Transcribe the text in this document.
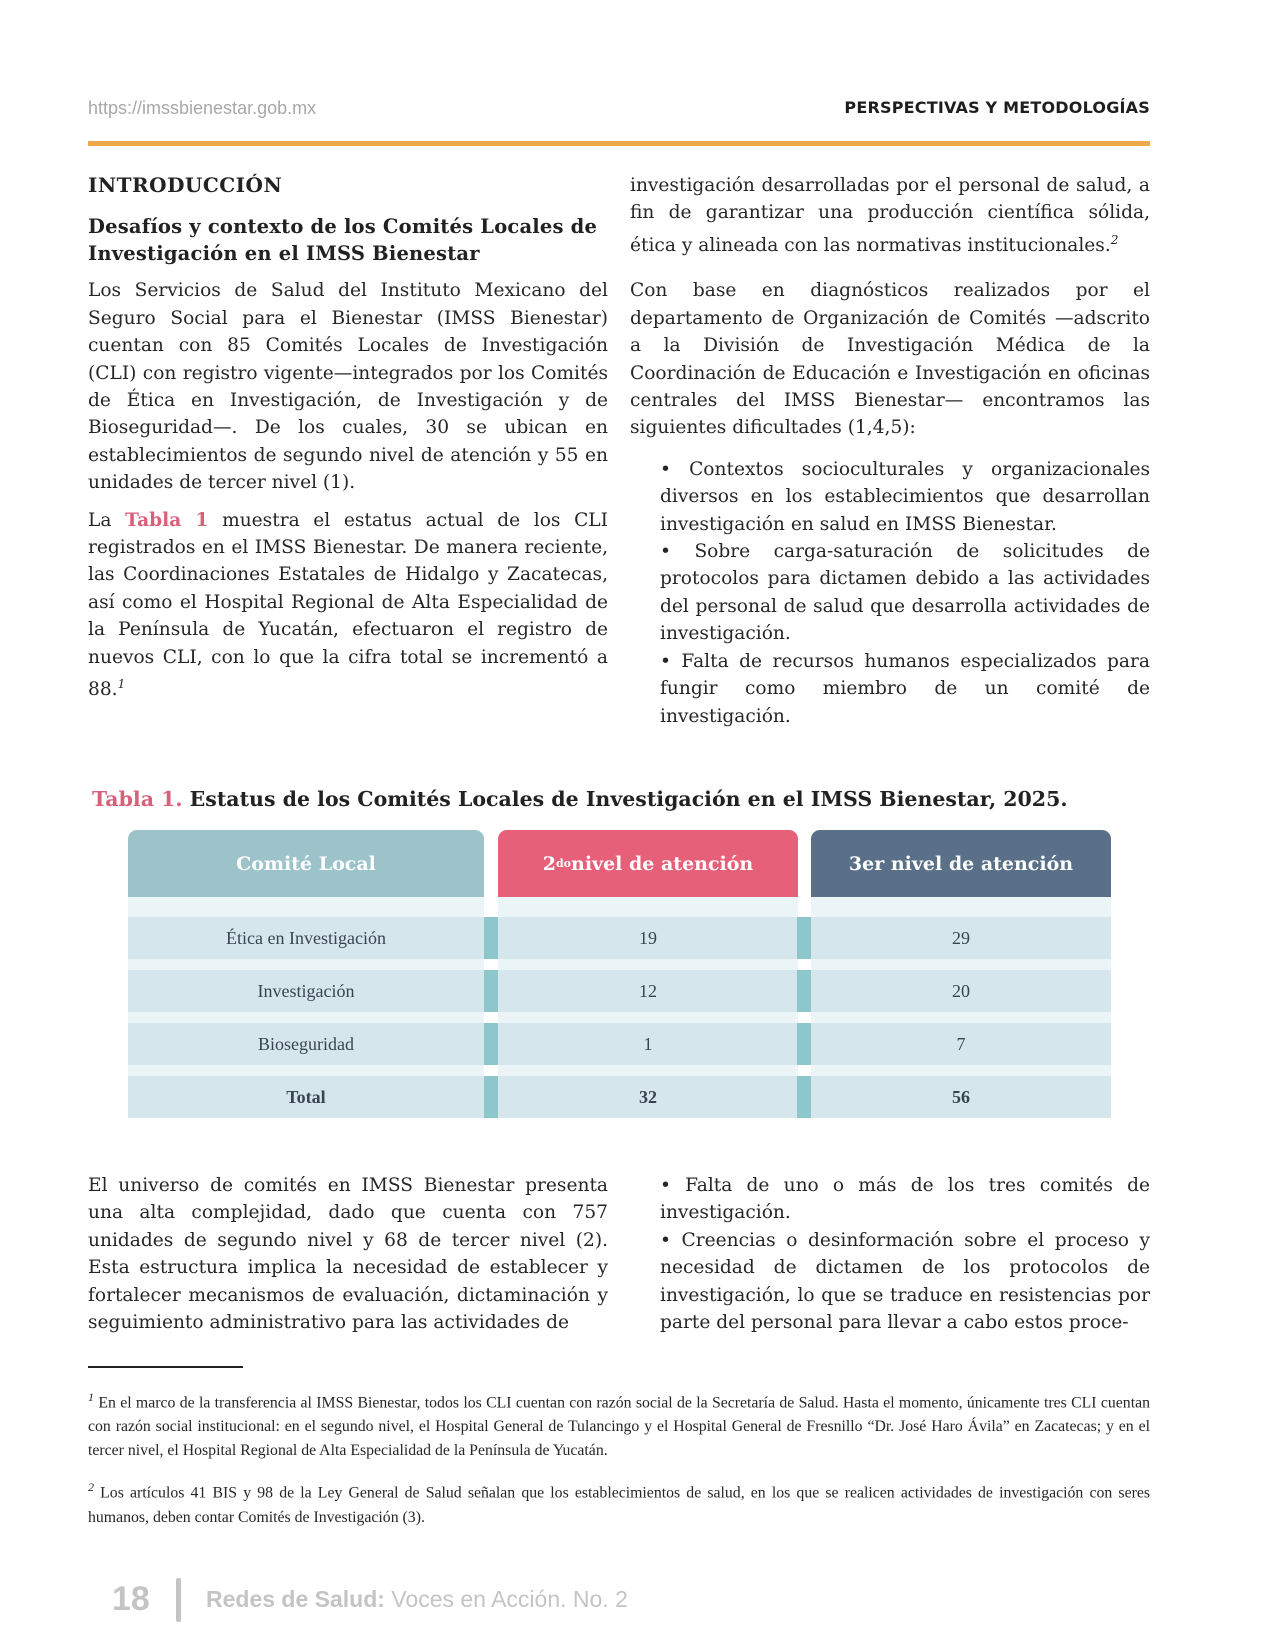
https://imssbienestar.gob.mx	PERSPECTIVAS Y METODOLOGÍAS
INTRODUCCIÓN
Desafíos y contexto de los Comités Locales de Investigación en el IMSS Bienestar

Los Servicios de Salud del Instituto Mexicano del Seguro Social para el Bienestar (IMSS Bienestar) cuentan con 85 Comités Locales de Investigación (CLI) con registro vigente—integrados por los Comités de Ética en Investigación, de Investigación y de Bioseguridad—. De los cuales, 30 se ubican en establecimientos de segundo nivel de atención y 55 en unidades de tercer nivel (1).

La Tabla 1 muestra el estatus actual de los CLI registrados en el IMSS Bienestar. De manera reciente, las Coordinaciones Estatales de Hidalgo y Zacatecas, así como el Hospital Regional de Alta Especialidad de la Península de Yucatán, efectuaron el registro de nuevos CLI, con lo que la cifra total se incrementó a 88.$^1$

investigación desarrolladas por el personal de salud, a fin de garantizar una producción científica sólida, ética y alineada con las normativas institucionales.$^2$

Con base en diagnósticos realizados por el departamento de Organización de Comités —adscrito a la División de Investigación Médica de la Coordinación de Educación e Investigación en oficinas centrales del IMSS Bienestar— encontramos las siguientes dificultades (1,4,5):

• Contextos socioculturales y organizacionales diversos en los establecimientos que desarrollan investigación en salud en IMSS Bienestar.
• Sobre carga-saturación de solicitudes de protocolos para dictamen debido a las actividades del personal de salud que desarrolla actividades de investigación.
• Falta de recursos humanos especializados para fungir como miembro de un comité de investigación.
Tabla 1. Estatus de los Comités Locales de Investigación en el IMSS Bienestar, 2025.
Comité Local	2 do nivel de atención	3er nivel de atención
Ética en Investigación	19	29
Investigación	12	20
Bioseguridad	1	7
Total	32	56

El universo de comités en IMSS Bienestar presenta una alta complejidad, dado que cuenta con 757 unidades de segundo nivel y 68 de tercer nivel (2). Esta estructura implica la necesidad de establecer y fortalecer mecanismos de evaluación, dictaminación y seguimiento administrativo para las actividades de

• Falta de uno o más de los tres comités de investigación.
• Creencias o desinformación sobre el proceso y necesidad de dictamen de los protocolos de investigación, lo que se traduce en resistencias por parte del personal para llevar a cabo estos proce-

$^1$ En el marco de la transferencia al IMSS Bienestar, todos los CLI cuentan con razón social de la Secretaría de Salud. Hasta el momento, únicamente tres CLI cuentan con razón social institucional: en el segundo nivel, el Hospital General de Tulancingo y el Hospital General de Fresnillo “Dr. José Haro Ávila” en Zacatecas; y en el tercer nivel, el Hospital Regional de Alta Especialidad de la Península de Yucatán.

$^2$ Los artículos 41 BIS y 98 de la Ley General de Salud señalan que los establecimientos de salud, en los que se realicen actividades de investigación con seres humanos, deben contar Comités de Investigación (3).

18 Redes de Salud: Voces en Acción. No. 2
